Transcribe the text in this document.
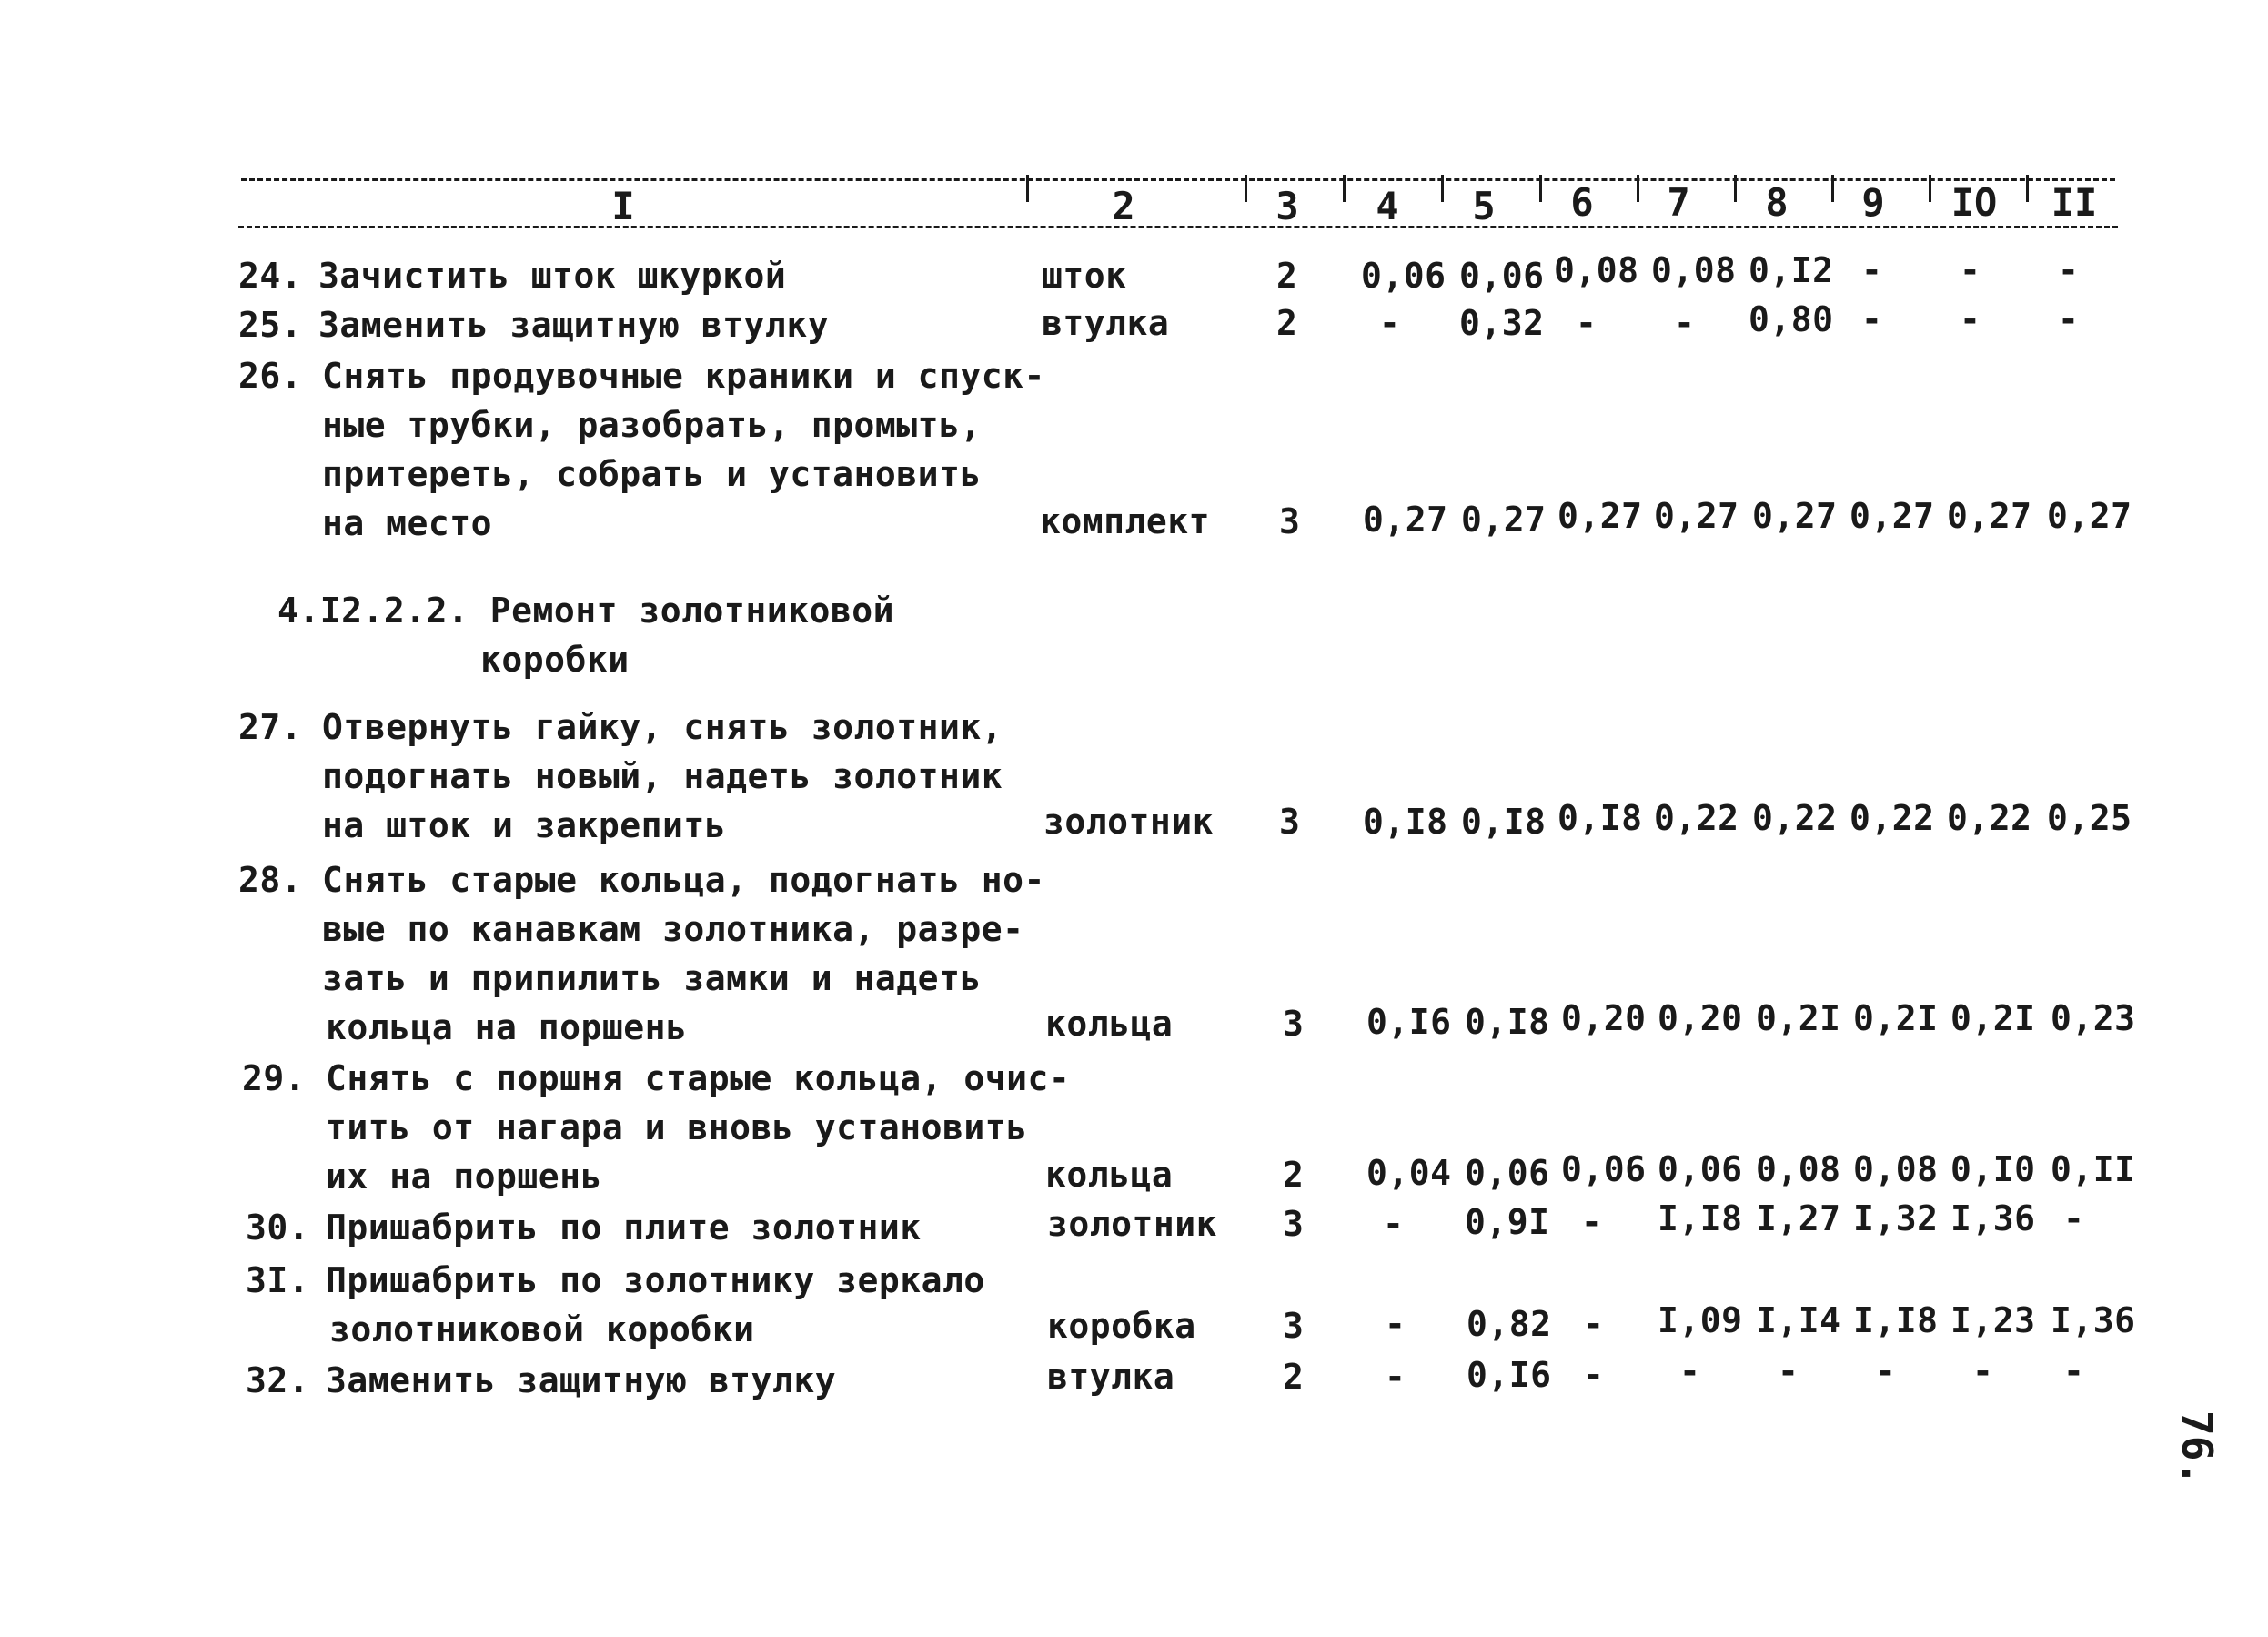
I	2	3	4	5	6	7	8	9	IO	II
24. Зачистить шток шкуркой	шток	2 0,06 0,06 0,08 0,08 0,I2 - - -
25. Заменить защитную втулку	втулка	2 - 0,32 - - 0,80 - - -
26. Снять продувочные краники и спуск-
ные трубки, разобрать, промыть,
притереть, собрать и установить
на место	комплект 3 0,27 0,27 0,27 0,27 0,27 0,27 0,27 0,27
4.I2.2.2. Ремонт золотниковой
коробки
27. Отвернуть гайку, снять золотник,
подогнать новый, надеть золотник
на шток и закрепить	золотник 3 0,I8 0,I8 0,I8 0,22 0,22 0,22 0,22 0,25
28. Снять старые кольца, подогнать но-
вые по канавкам золотника, разре-
зать и припилить замки и надеть
кольца на поршень	кольца	3 0,I6 0,I8 0,20 0,20 0,2I 0,2I 0,2I 0,23
29. Снять с поршня старые кольца, очис-
тить от нагара и вновь установить
их на поршень	кольца	2 0,04 0,06 0,06 0,06 0,08 0,08 0,I0 0,II
30. Пришабрить по плите золотник	золотник 3 - 0,9I - I,I8 I,27 I,32 I,36 -
3I. Пришабрить по золотнику зеркало
золотниковой коробки	коробка	3 - 0,82 - I,09 I,I4 I,I8 I,23 I,36
32. Заменить защитную втулку	втулка	2 - 0,I6 - - - - - -
76.
